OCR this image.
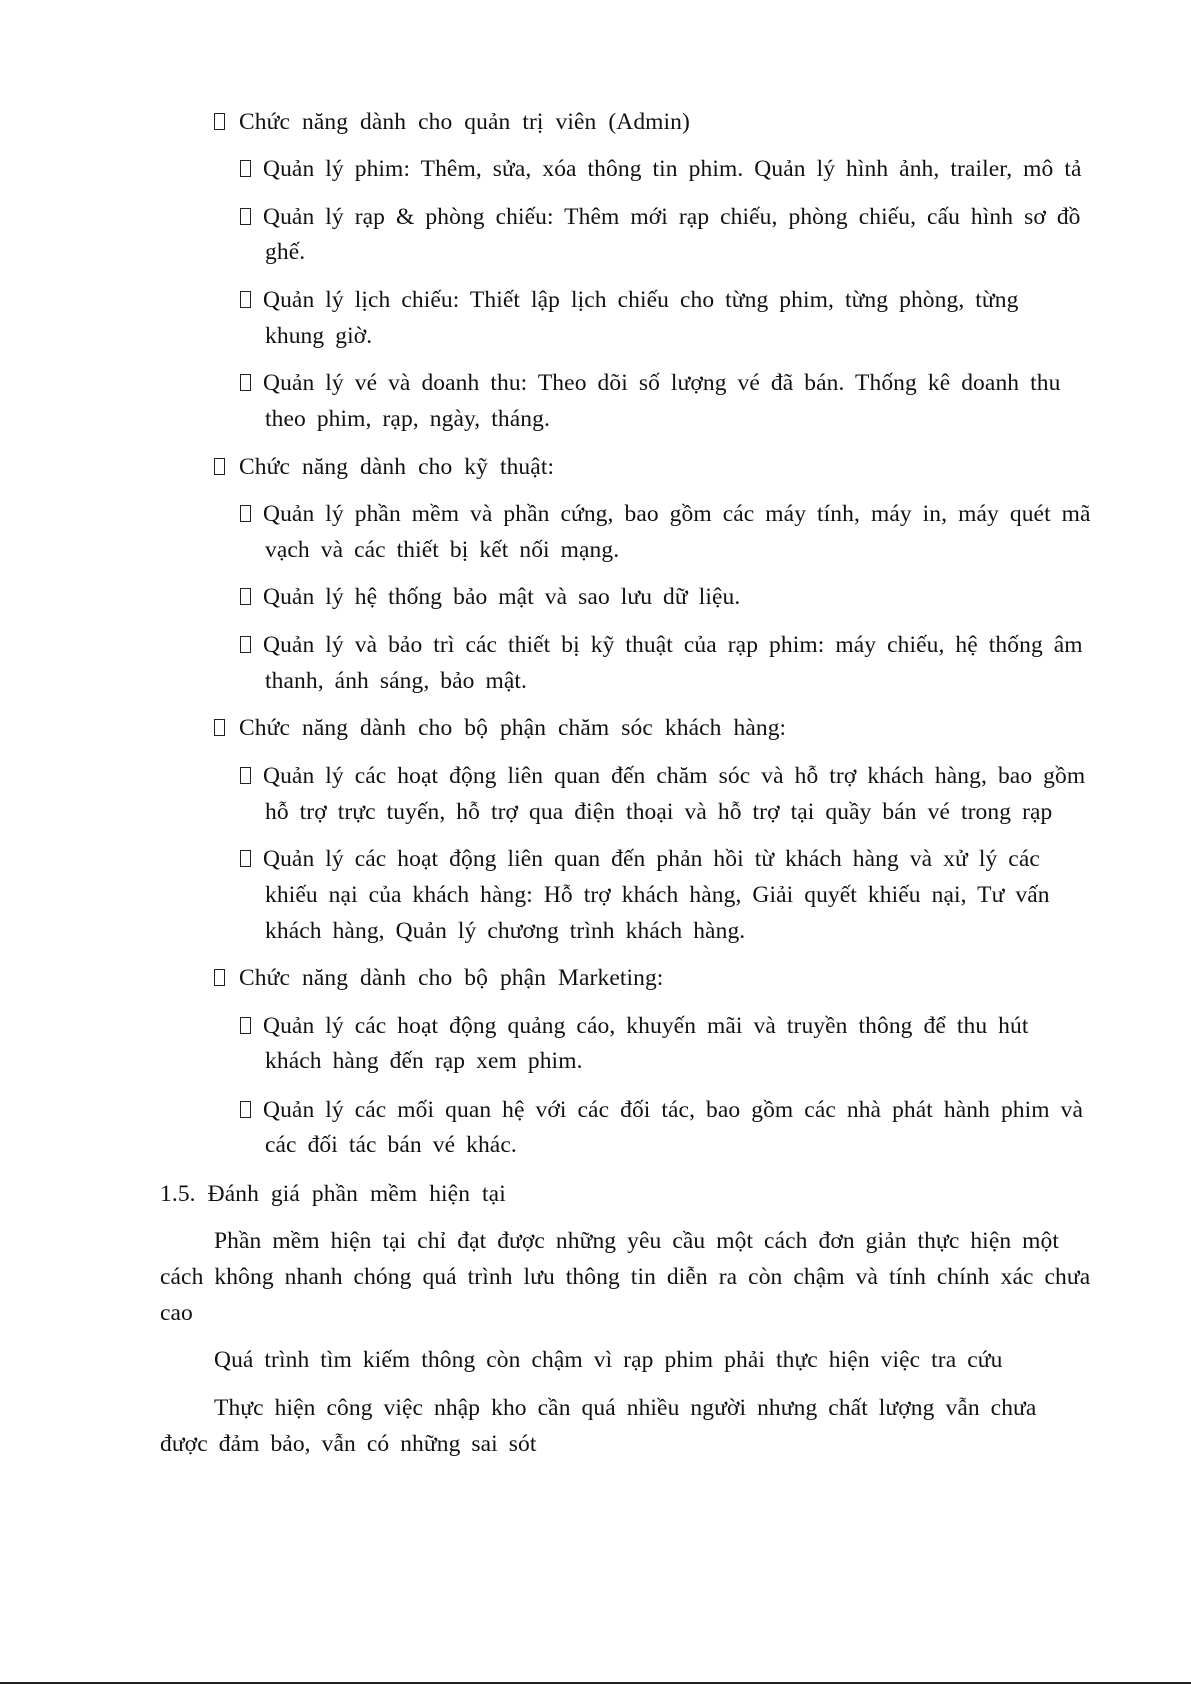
Chức năng dành cho quản trị viên (Admin)
Quản lý phim: Thêm, sửa, xóa thông tin phim. Quản lý hình ảnh, trailer, mô tả
Quản lý rạp & phòng chiếu: Thêm mới rạp chiếu, phòng chiếu, cấu hình sơ đồ
ghế.
Quản lý lịch chiếu: Thiết lập lịch chiếu cho từng phim, từng phòng, từng
khung giờ.
Quản lý vé và doanh thu: Theo dõi số lượng vé đã bán. Thống kê doanh thu
theo phim, rạp, ngày, tháng.
Chức năng dành cho kỹ thuật:
Quản lý phần mềm và phần cứng, bao gồm các máy tính, máy in, máy quét mã
vạch và các thiết bị kết nối mạng.
Quản lý hệ thống bảo mật và sao lưu dữ liệu.
Quản lý và bảo trì các thiết bị kỹ thuật của rạp phim: máy chiếu, hệ thống âm
thanh, ánh sáng, bảo mật.
Chức năng dành cho bộ phận chăm sóc khách hàng:
Quản lý các hoạt động liên quan đến chăm sóc và hỗ trợ khách hàng, bao gồm
hỗ trợ trực tuyến, hỗ trợ qua điện thoại và hỗ trợ tại quầy bán vé trong rạp
Quản lý các hoạt động liên quan đến phản hồi từ khách hàng và xử lý các
khiếu nại của khách hàng: Hỗ trợ khách hàng, Giải quyết khiếu nại, Tư vấn
khách hàng, Quản lý chương trình khách hàng.
Chức năng dành cho bộ phận Marketing:
Quản lý các hoạt động quảng cáo, khuyến mãi và truyền thông để thu hút
khách hàng đến rạp xem phim.
Quản lý các mối quan hệ với các đối tác, bao gồm các nhà phát hành phim và
các đối tác bán vé khác.
1.5. Đánh giá phần mềm hiện tại
Phần mềm hiện tại chỉ đạt được những yêu cầu một cách đơn giản thực hiện một
cách không nhanh chóng quá trình lưu thông tin diễn ra còn chậm và tính chính xác chưa
cao
Quá trình tìm kiếm thông còn chậm vì rạp phim phải thực hiện việc tra cứu
Thực hiện công việc nhập kho cần quá nhiều người nhưng chất lượng vẫn chưa
được đảm bảo, vẫn có những sai sót
